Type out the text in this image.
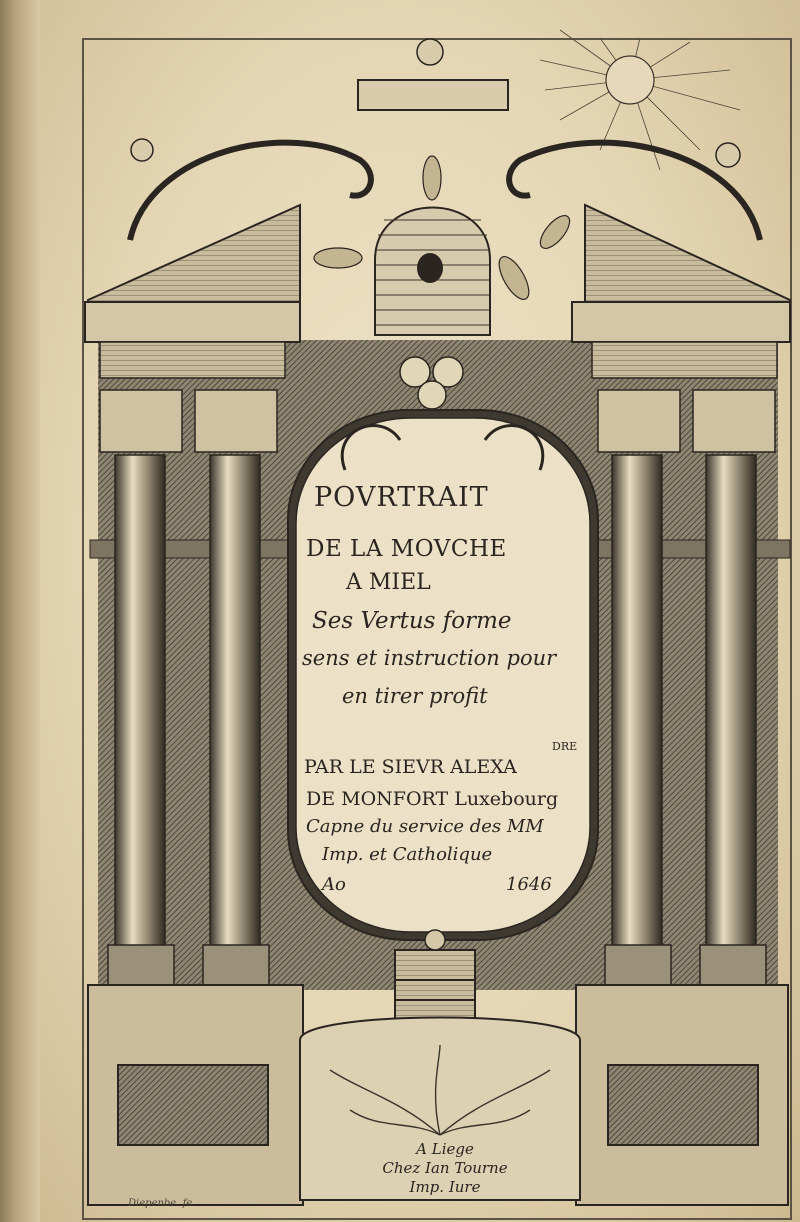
POVRTRAIT
DE LA MOVCHE
A MIEL
Ses Vertus forme
sens et instruction pour
en tirer profit
DRE
PAR LE SIEVR ALEXA
DE MONFORT Luxebourg
Capne du service des MM
Imp. et Catholique
Ao	1646
A Liege
Chez Ian Tourne
Imp. Iure
Diepenbe. fe.
